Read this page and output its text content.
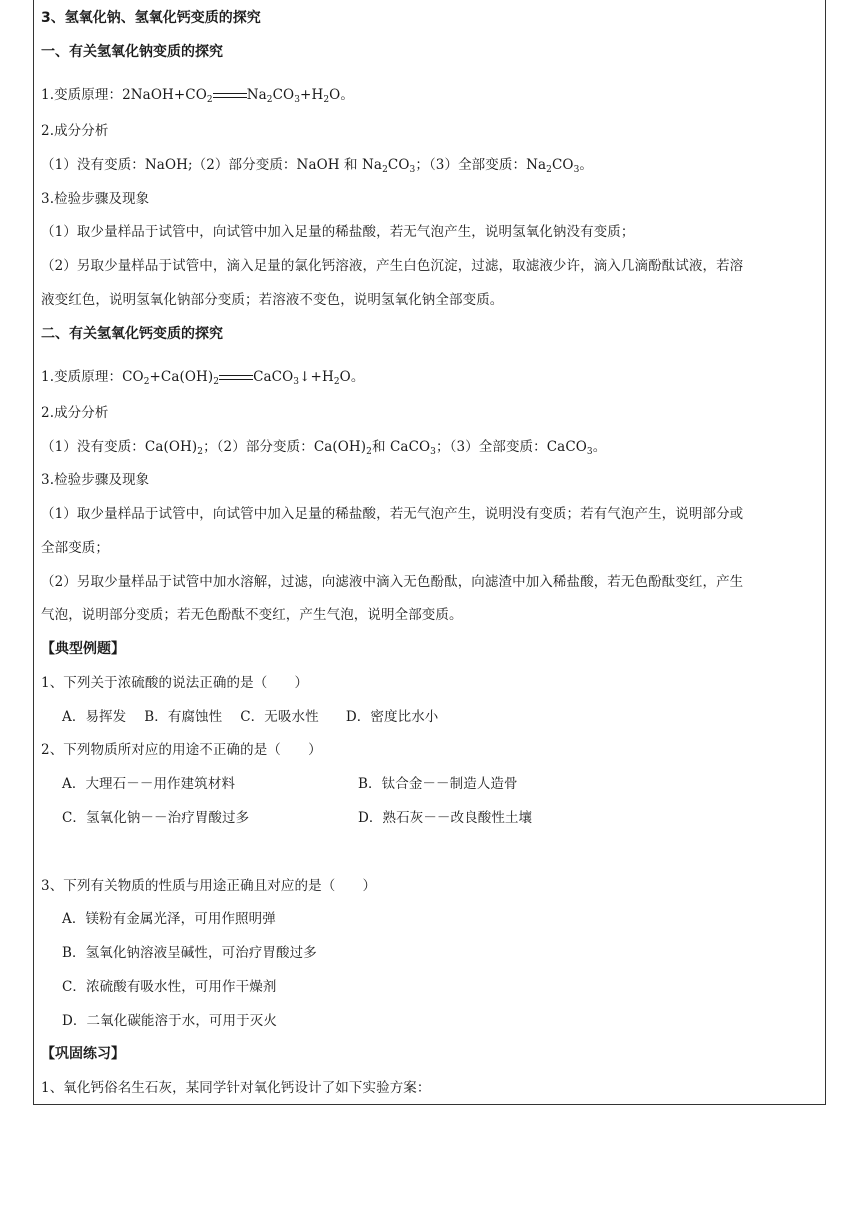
3、氢氧化钠、氢氧化钙变质的探究
一、有关氢氧化钠变质的探究
1.变质原理：$2NaOH+CO_2$	$Na_2CO_3+H_2O$。
2.成分分析
（1）没有变质：NaOH;（2）部分变质：NaOH 和 $Na_2CO_3$；（3）全部变质：$Na_2CO_3$。
3.检验步骤及现象
（1）取少量样品于试管中，向试管中加入足量的稀盐酸，若无气泡产生，说明氢氧化钠没有变质；
（2）另取少量样品于试管中，滴入足量的氯化钙溶液，产生白色沉淀，过滤，取滤液少许，滴入几滴酚酞试液，若溶
液变红色，说明氢氧化钠部分变质；若溶液不变色，说明氢氧化钠全部变质。
二、有关氢氧化钙变质的探究
1.变质原理：$CO_2+Ca(OH)_2$	$CaCO_3↓+H_2O$。
2.成分分析
（1）没有变质：$Ca(OH)_2$；（2）部分变质：$Ca(OH)_2$和 CaCO$_3$；（3）全部变质：CaCO$_3$。
3.检验步骤及现象
（1）取少量样品于试管中，向试管中加入足量的稀盐酸，若无气泡产生，说明没有变质；若有气泡产生，说明部分或
全部变质；
（2）另取少量样品于试管中加水溶解，过滤，向滤液中滴入无色酚酞，向滤渣中加入稀盐酸，若无色酚酞变红，产生
气泡，说明部分变质；若无色酚酞不变红，产生气泡，说明全部变质。
【典型例题】
1、下列关于浓硫酸的说法正确的是（　　）
A．易挥发　 B．有腐蚀性　 C．无吸水性　　D．密度比水小
2、下列物质所对应的用途不正确的是（　　）
A．大理石－－用作建筑材料	B．钛合金－－制造人造骨
C．氢氧化钠－－治疗胃酸过多	D．熟石灰－－改良酸性土壤
3、下列有关物质的性质与用途正确且对应的是（　　）
A．镁粉有金属光泽，可用作照明弹
B．氢氧化钠溶液呈碱性，可治疗胃酸过多
C．浓硫酸有吸水性，可用作干燥剂
D．二氧化碳能溶于水，可用于灭火
【巩固练习】
1、氧化钙俗名生石灰，某同学针对氧化钙设计了如下实验方案：
